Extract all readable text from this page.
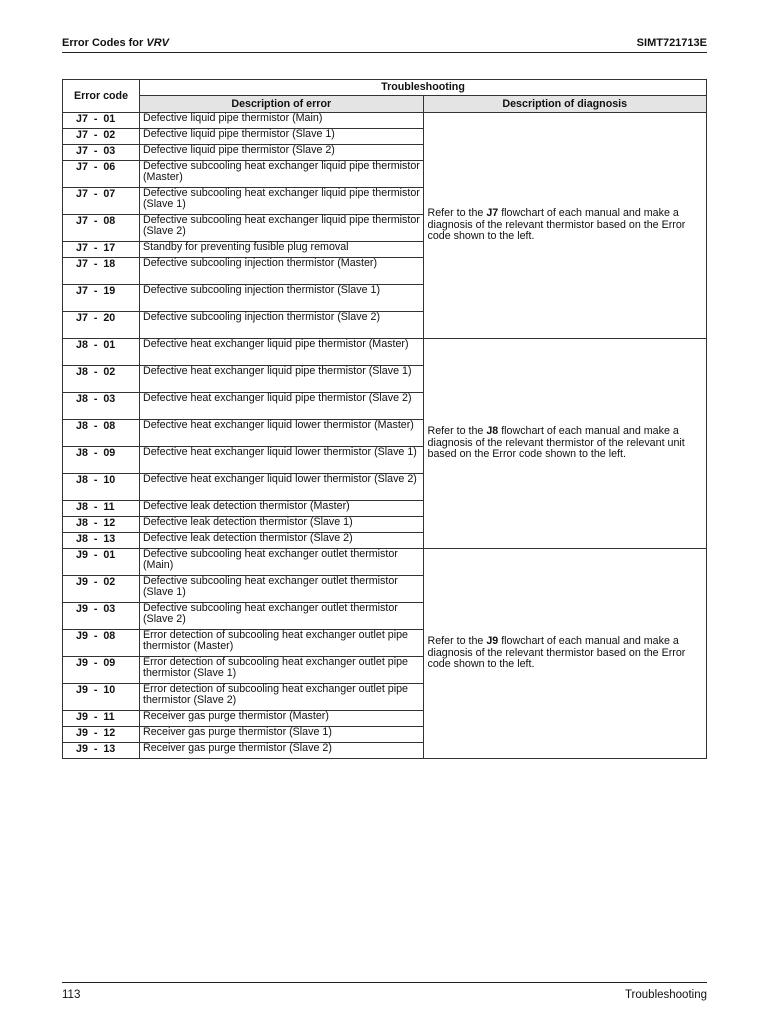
Error Codes for VRV	SIMT721713E
Error code	Troubleshooting	
	Description of error	Description of diagnosis
J7  -  01	Defective liquid pipe thermistor (Main)	Refer to the J7 flowchart of each manual and make a diagnosis of the relevant thermistor based on the Error code shown to the left.
J7  -  02	Defective liquid pipe thermistor (Slave 1)	
J7  -  03	Defective liquid pipe thermistor (Slave 2)	
J7  -  06	Defective subcooling heat exchanger liquid pipe thermistor (Master)	
J7  -  07	Defective subcooling heat exchanger liquid pipe thermistor (Slave 1)	
J7  -  08	Defective subcooling heat exchanger liquid pipe thermistor (Slave 2)	
J7  -  17	Standby for preventing fusible plug removal	
J7  -  18	Defective subcooling injection thermistor (Master)	
J7  -  19	Defective subcooling injection thermistor (Slave 1)	
J7  -  20	Defective subcooling injection thermistor (Slave 2)	
J8  -  01	Defective heat exchanger liquid pipe thermistor (Master)	Refer to the J8 flowchart of each manual and make a diagnosis of the relevant thermistor of the relevant unit based on the Error code shown to the left.
J8  -  02	Defective heat exchanger liquid pipe thermistor (Slave 1)	
J8  -  03	Defective heat exchanger liquid pipe thermistor (Slave 2)	
J8  -  08	Defective heat exchanger liquid lower thermistor (Master)	
J8  -  09	Defective heat exchanger liquid lower thermistor (Slave 1)	
J8  -  10	Defective heat exchanger liquid lower thermistor (Slave 2)	
J8  -  11	Defective leak detection thermistor (Master)	
J8  -  12	Defective leak detection thermistor (Slave 1)	
J8  -  13	Defective leak detection thermistor (Slave 2)	
J9  -  01	Defective subcooling heat exchanger outlet thermistor (Main)	Refer to the J9 flowchart of each manual and make a diagnosis of the relevant thermistor based on the Error code shown to the left.
J9  -  02	Defective subcooling heat exchanger outlet thermistor (Slave 1)	
J9  -  03	Defective subcooling heat exchanger outlet thermistor (Slave 2)	
J9  -  08	Error detection of subcooling heat exchanger outlet pipe thermistor (Master)	
J9  -  09	Error detection of subcooling heat exchanger outlet pipe thermistor (Slave 1)	
J9  -  10	Error detection of subcooling heat exchanger outlet pipe thermistor (Slave 2)	
J9  -  11	Receiver gas purge thermistor (Master)	
J9  -  12	Receiver gas purge thermistor (Slave 1)	
J9  -  13	Receiver gas purge thermistor (Slave 2)	
113	Troubleshooting
